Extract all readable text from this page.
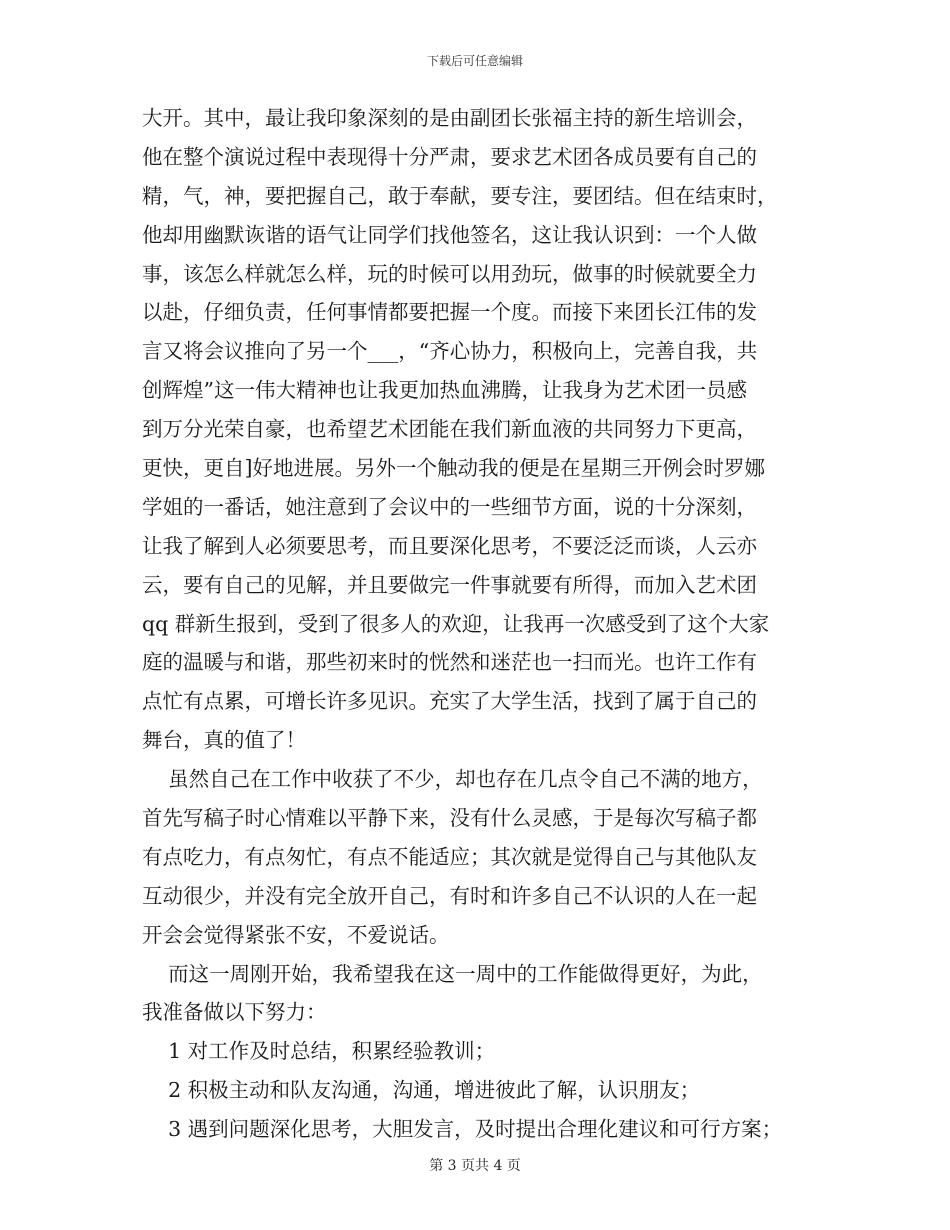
下载后可任意编辑
大开。其中，最让我印象深刻的是由副团长张福主持的新生培训会，
他在整个演说过程中表现得十分严肃，要求艺术团各成员要有自己的
精，气，神，要把握自己，敢于奉献，要专注，要团结。但在结束时，
他却用幽默诙谐的语气让同学们找他签名，这让我认识到：一个人做
事，该怎么样就怎么样，玩的时候可以用劲玩，做事的时候就要全力
以赴，仔细负责，任何事情都要把握一个度。而接下来团长江伟的发
言又将会议推向了另一个___，“齐心协力，积极向上，完善自我，共
创辉煌”这一伟大精神也让我更加热血沸腾，让我身为艺术团一员感
到万分光荣自豪，也希望艺术团能在我们新血液的共同努力下更高，
更快，更自]好地进展。另外一个触动我的便是在星期三开例会时罗娜
学姐的一番话，她注意到了会议中的一些细节方面，说的十分深刻，
让我了解到人必须要思考，而且要深化思考，不要泛泛而谈，人云亦
云，要有自己的见解，并且要做完一件事就要有所得，而加入艺术团
qq 群新生报到，受到了很多人的欢迎，让我再一次感受到了这个大家
庭的温暖与和谐，那些初来时的恍然和迷茫也一扫而光。也许工作有
点忙有点累，可增长许多见识。充实了大学生活，找到了属于自己的
舞台，真的值了！
虽然自己在工作中收获了不少，却也存在几点令自己不满的地方，
首先写稿子时心情难以平静下来，没有什么灵感，于是每次写稿子都
有点吃力，有点匆忙，有点不能适应；其次就是觉得自己与其他队友
互动很少，并没有完全放开自己，有时和许多自己不认识的人在一起
开会会觉得紧张不安，不爱说话。
而这一周刚开始，我希望我在这一周中的工作能做得更好，为此，
我准备做以下努力：
1 对工作及时总结，积累经验教训；
2 积极主动和队友沟通，沟通，增进彼此了解，认识朋友；
3 遇到问题深化思考，大胆发言，及时提出合理化建议和可行方案；
第 3 页共 4 页
